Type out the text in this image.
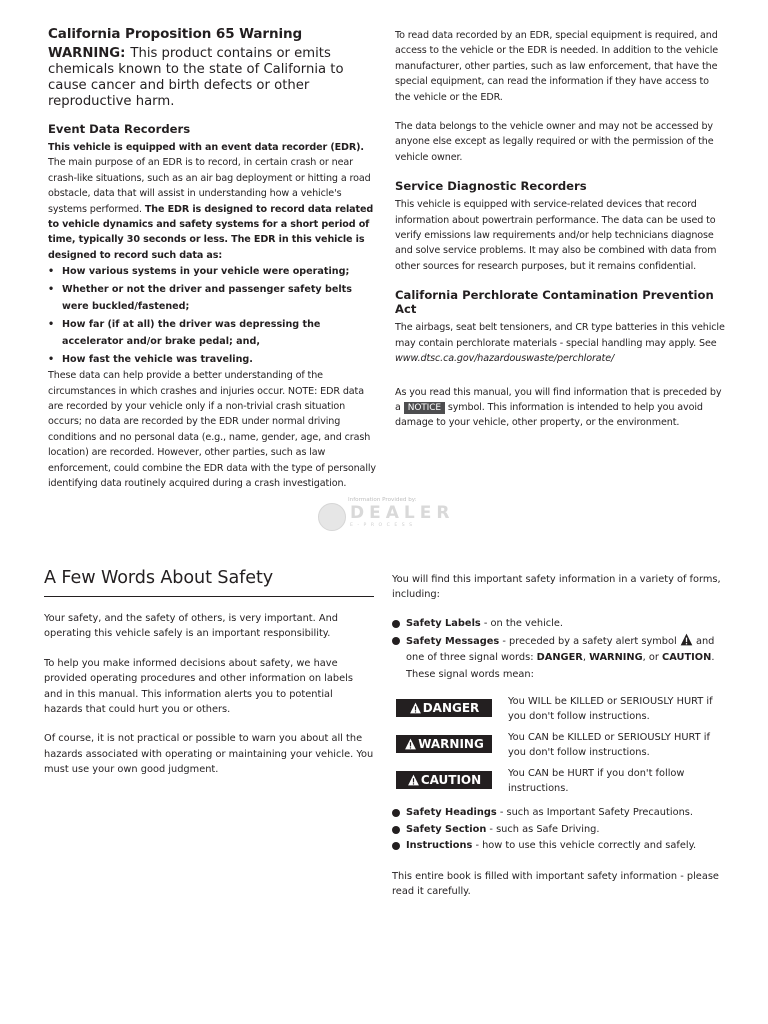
California Proposition 65 Warning

WARNING: This product contains or emits chemicals known to the state of California to cause cancer and birth defects or other reproductive harm.

Event Data Recorders

This vehicle is equipped with an event data recorder (EDR). The main purpose of an EDR is to record, in certain crash or near crash-like situations, such as an air bag deployment or hitting a road obstacle, data that will assist in understanding how a vehicle's systems performed. The EDR is designed to record data related to vehicle dynamics and safety systems for a short period of time, typically 30 seconds or less. The EDR in this vehicle is designed to record such data as:

• How various systems in your vehicle were operating;
• Whether or not the driver and passenger safety belts were buckled/fastened;
• How far (if at all) the driver was depressing the accelerator and/or brake pedal; and,
• How fast the vehicle was traveling.

These data can help provide a better understanding of the circumstances in which crashes and injuries occur. NOTE: EDR data are recorded by your vehicle only if a non-trivial crash situation occurs; no data are recorded by the EDR under normal driving conditions and no personal data (e.g., name, gender, age, and crash location) are recorded. However, other parties, such as law enforcement, could combine the EDR data with the type of personally identifying data routinely acquired during a crash investigation.

To read data recorded by an EDR, special equipment is required, and access to the vehicle or the EDR is needed. In addition to the vehicle manufacturer, other parties, such as law enforcement, that have the special equipment, can read the information if they have access to the vehicle or the EDR.

The data belongs to the vehicle owner and may not be accessed by anyone else except as legally required or with the permission of the vehicle owner.

Service Diagnostic Recorders

This vehicle is equipped with service-related devices that record information about powertrain performance. The data can be used to verify emissions law requirements and/or help technicians diagnose and solve service problems. It may also be combined with data from other sources for research purposes, but it remains confidential.

California Perchlorate Contamination Prevention Act

The airbags, seat belt tensioners, and CR type batteries in this vehicle may contain perchlorate materials - special handling may apply. See www.dtsc.ca.gov/hazardouswaste/perchlorate/

As you read this manual, you will find information that is preceded by a NOTICE symbol. This information is intended to help you avoid damage to your vehicle, other property, or the environment.

Information Provided by:
DEALER
E-PROCESS
A Few Words About Safety

Your safety, and the safety of others, is very important. And operating this vehicle safely is an important responsibility.

To help you make informed decisions about safety, we have provided operating procedures and other information on labels and in this manual. This information alerts you to potential hazards that could hurt you or others.

Of course, it is not practical or possible to warn you about all the hazards associated with operating or maintaining your vehicle. You must use your own good judgment.

You will find this important safety information in a variety of forms, including:

Safety Labels - on the vehicle.
Safety Messages - preceded by a safety alert symbol  and one of three signal words: DANGER, WARNING, or CAUTION. These signal words mean:
DANGER	You WILL be KILLED or SERIOUSLY HURT if you don't follow instructions.
WARNING	You CAN be KILLED or SERIOUSLY HURT if you don't follow instructions.
CAUTION	You CAN be HURT if you don't follow instructions.
Safety Headings - such as Important Safety Precautions.
Safety Section - such as Safe Driving.
Instructions - how to use this vehicle correctly and safely.

This entire book is filled with important safety information - please read it carefully.
